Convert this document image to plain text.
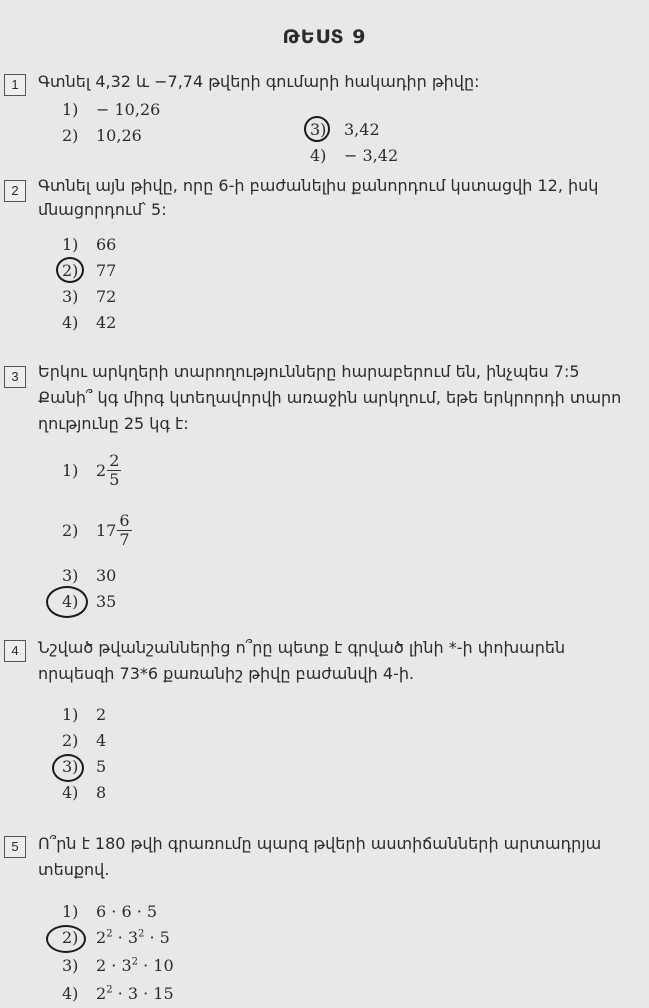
ԹԵՍՏ 9
1	Գտնել 4,32 և −7,74 թվերի գումարի հակադիր թիվը:
1) − 10,26
2) 10,26	3) 3,42
4) − 3,42
2	Գտնել այն թիվը, որը 6-ի բաժանելիս քանորդում կստացվի 12, իսկ
մնացորդում՝ 5:
1) 66
2) 77
3) 72
4) 42
3	Երկու արկղերի տարողությունները հարաբերում են, ինչպես 7:5
Քանի՞ կգ միրգ կտեղավորվի առաջին արկղում, եթե երկրորդի տարո
ղությունը 25 կգ է:
1) $2 \frac{2}{5}$
2) $17 \frac{6}{7}$
3) 30
4) 35
4	Նշված թվանշաններից ո՞րը պետք է գրված լինի *-ի փոխարեն
որպեսզի 73*6 քառանիշ թիվը բաժանվի 4-ի.
1) 2
2) 4
3) 5
4) 8
5	Ո՞րն է 180 թվի գրառումը պարզ թվերի աստիճանների արտադրյա
տեսքով.
1) 6 · 6 · 5
2) $2^2 \cdot 3^2 \cdot 5$
3) $2 \cdot 3^2 \cdot 10$
4) $2^2 \cdot 3 \cdot 15$
